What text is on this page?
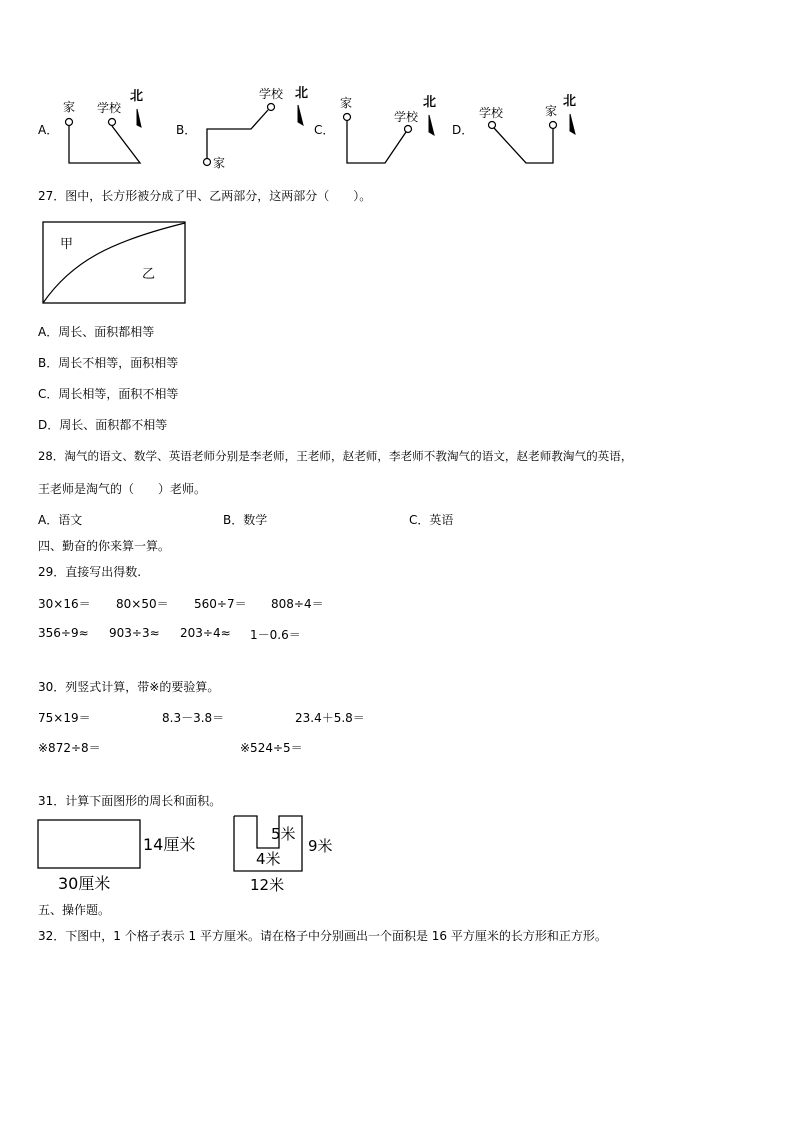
A．
家 学校
北
B．
学校 北
家
C．
家
学校
北
D．
学校	家
北
27．图中，长方形被分成了甲、乙两部分，这两部分（　　）。
甲
乙
A．周长、面积都相等
B．周长不相等，面积相等
C．周长相等，面积不相等
D．周长、面积都不相等
28．淘气的语文、数学、英语老师分别是李老师，王老师，赵老师，李老师不教淘气的语文，赵老师教淘气的英语，
王老师是淘气的（　　）老师。
A．语文	B．数学	C．英语
四、勤奋的你来算一算。
29．直接写出得数.
30×16＝ 80×50＝ 560÷7＝ 808÷4＝
356÷9≈ 903÷3≈ 203÷4≈ 1－0.6＝
30．列竖式计算，带※的要验算。
75×19＝	8.3－3.8＝	23.4＋5.8＝
※872÷8＝	※524÷5＝
31．计算下面图形的周长和面积。
14厘米
30厘米
5米
4米
9米
12米
五、操作题。
32．下图中，1 个格子表示 1 平方厘米。请在格子中分别画出一个面积是 16 平方厘米的长方形和正方形。
